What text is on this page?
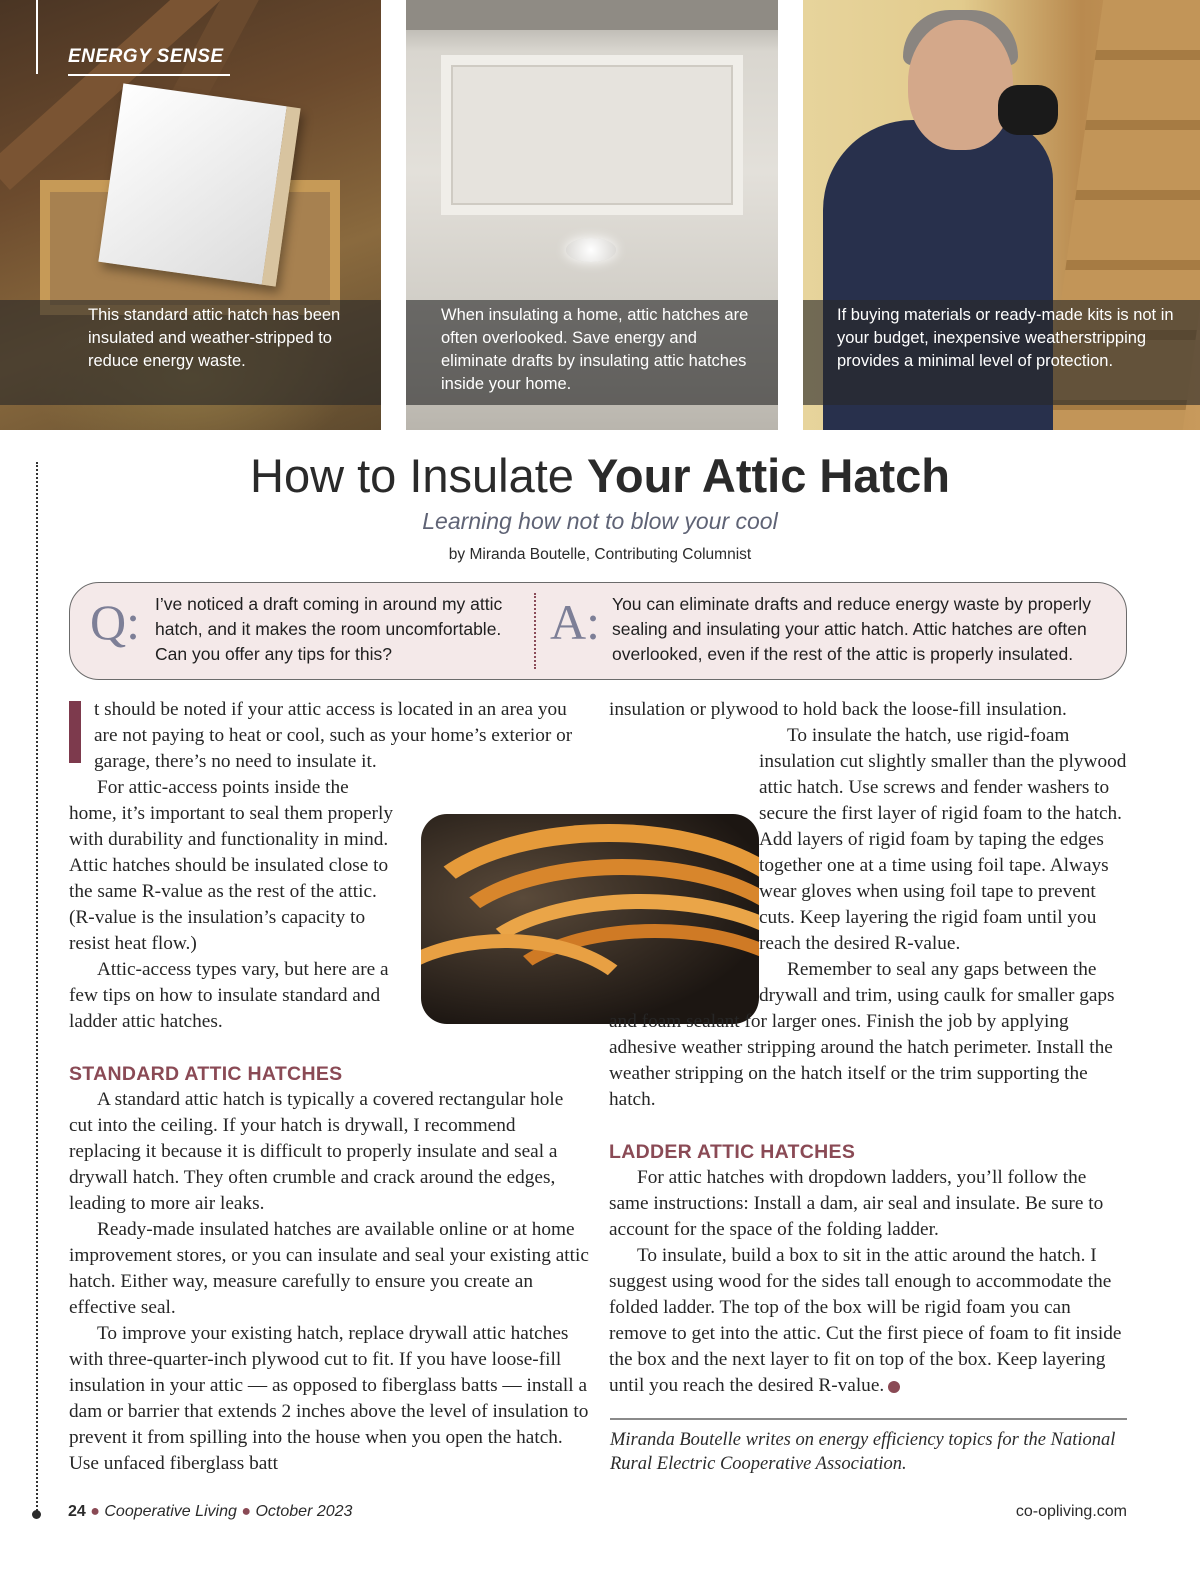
ENERGY SENSE
This standard attic hatch has been insulated and weather-stripped to reduce energy waste.
When insulating a home, attic hatches are often overlooked. Save energy and eliminate drafts by insulating attic hatches inside your home.
If buying materials or ready-made kits is not in your budget, inexpensive weatherstripping provides a minimal level of protection.
How to Insulate Your Attic Hatch
Learning how not to blow your cool
by Miranda Boutelle, Contributing Columnist
Q: I’ve noticed a draft coming in around my attic hatch, and it makes the room uncomfortable. Can you offer any tips for this?
A: You can eliminate drafts and reduce energy waste by properly sealing and insulating your attic hatch. Attic hatches are often overlooked, even if the rest of the attic is properly insulated.

t should be noted if your attic access is located in an area you are not paying to heat or cool, such as your home’s exterior or garage, there’s no need to insulate it.

For attic-access points inside the home, it’s important to seal them properly with durability and functionality in mind. Attic hatches should be insulated close to the same R-value as the rest of the attic. (R-value is the insulation’s capacity to resist heat flow.)

Attic-access types vary, but here are a few tips on how to insulate standard and ladder attic hatches.

STANDARD ATTIC HATCHES

A standard attic hatch is typically a covered rectangular hole cut into the ceiling. If your hatch is drywall, I recommend replacing it because it is difficult to properly insulate and seal a drywall hatch. They often crumble and crack around the edges, leading to more air leaks.

Ready-made insulated hatches are available online or at home improvement stores, or you can insulate and seal your existing attic hatch. Either way, measure carefully to ensure you create an effective seal.

To improve your existing hatch, replace drywall attic hatches with three-quarter-inch plywood cut to fit. If you have loose-fill insulation in your attic — as opposed to fiberglass batts — install a dam or barrier that extends 2 inches above the level of insulation to prevent it from spilling into the house when you open the hatch. Use unfaced fiberglass batt

insulation or plywood to hold back the loose-fill insulation.

To insulate the hatch, use rigid-foam insulation cut slightly smaller than the plywood attic hatch. Use screws and fender washers to secure the first layer of rigid foam to the hatch. Add layers of rigid foam by taping the edges together one at a time using foil tape. Always wear gloves when using foil tape to prevent cuts. Keep layering the rigid foam until you reach the desired R-value.

Remember to seal any gaps between the drywall and trim, using caulk for smaller gaps and foam sealant for larger ones. Finish the job by applying adhesive weather stripping around the hatch perimeter. Install the weather stripping on the hatch itself or the trim supporting the hatch.

LADDER ATTIC HATCHES

For attic hatches with dropdown ladders, you’ll follow the same instructions: Install a dam, air seal and insulate. Be sure to account for the space of the folding ladder.

To insulate, build a box to sit in the attic around the hatch. I suggest using wood for the sides tall enough to accommodate the folded ladder. The top of the box will be rigid foam you can remove to get into the attic. Cut the first piece of foam to fit inside the box and the next layer to fit on top of the box. Keep layering until you reach the desired R-value.

Miranda Boutelle writes on energy efficiency topics for the National Rural Electric Cooperative Association.
24 ● Cooperative Living ● October 2023	co-opliving.com
